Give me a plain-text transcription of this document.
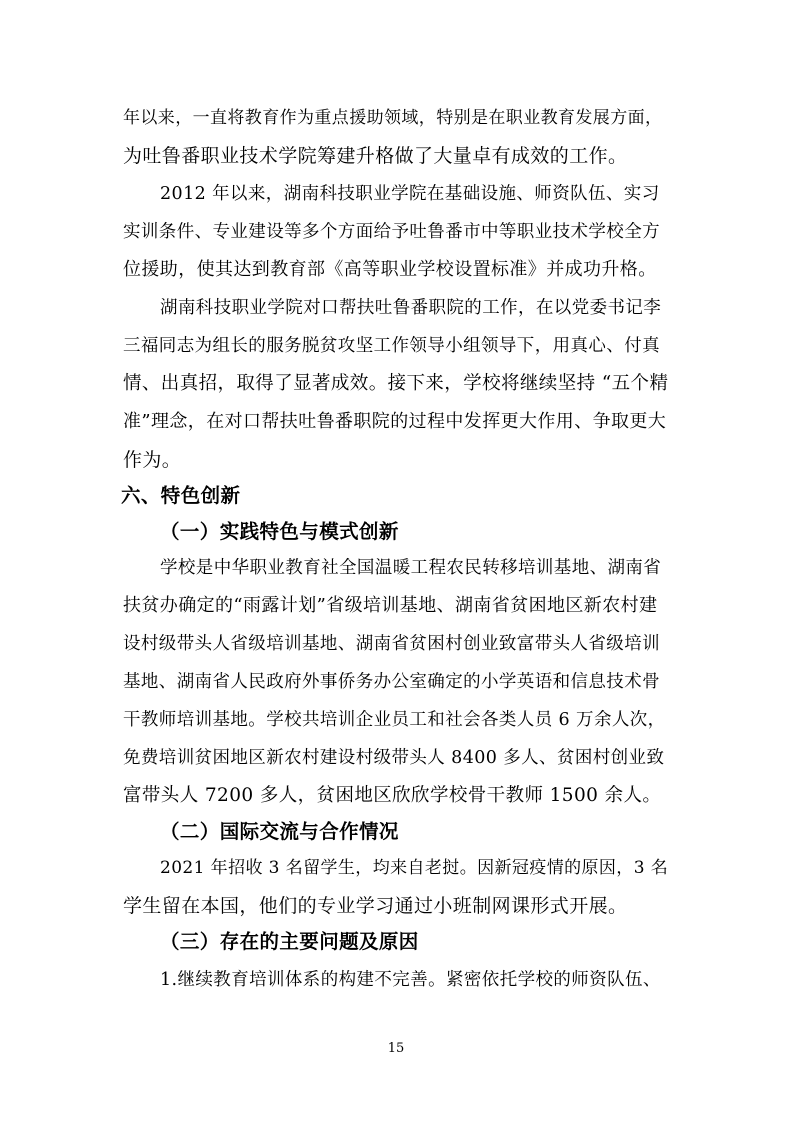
年以来，一直将教育作为重点援助领域，特别是在职业教育发展方面，
为吐鲁番职业技术学院筹建升格做了大量卓有成效的工作。
2012 年以来，湖南科技职业学院在基础设施、师资队伍、实习
实训条件、专业建设等多个方面给予吐鲁番市中等职业技术学校全方
位援助，使其达到教育部《高等职业学校设置标准》并成功升格。
湖南科技职业学院对口帮扶吐鲁番职院的工作，在以党委书记李
三福同志为组长的服务脱贫攻坚工作领导小组领导下，用真心、付真
情、出真招，取得了显著成效。接下来，学校将继续坚持 “五个精
准”理念，在对口帮扶吐鲁番职院的过程中发挥更大作用、争取更大
作为。
六、特色创新
（一）实践特色与模式创新
学校是中华职业教育社全国温暖工程农民转移培训基地、湖南省
扶贫办确定的“雨露计划”省级培训基地、湖南省贫困地区新农村建
设村级带头人省级培训基地、湖南省贫困村创业致富带头人省级培训
基地、湖南省人民政府外事侨务办公室确定的小学英语和信息技术骨
干教师培训基地。学校共培训企业员工和社会各类人员 6 万余人次，
免费培训贫困地区新农村建设村级带头人 8400 多人、贫困村创业致
富带头人 7200 多人，贫困地区欣欣学校骨干教师 1500 余人。
（二）国际交流与合作情况
2021 年招收 3 名留学生，均来自老挝。因新冠疫情的原因，3 名
学生留在本国，他们的专业学习通过小班制网课形式开展。
（三）存在的主要问题及原因
1.继续教育培训体系的构建不完善。紧密依托学校的师资队伍、
15
